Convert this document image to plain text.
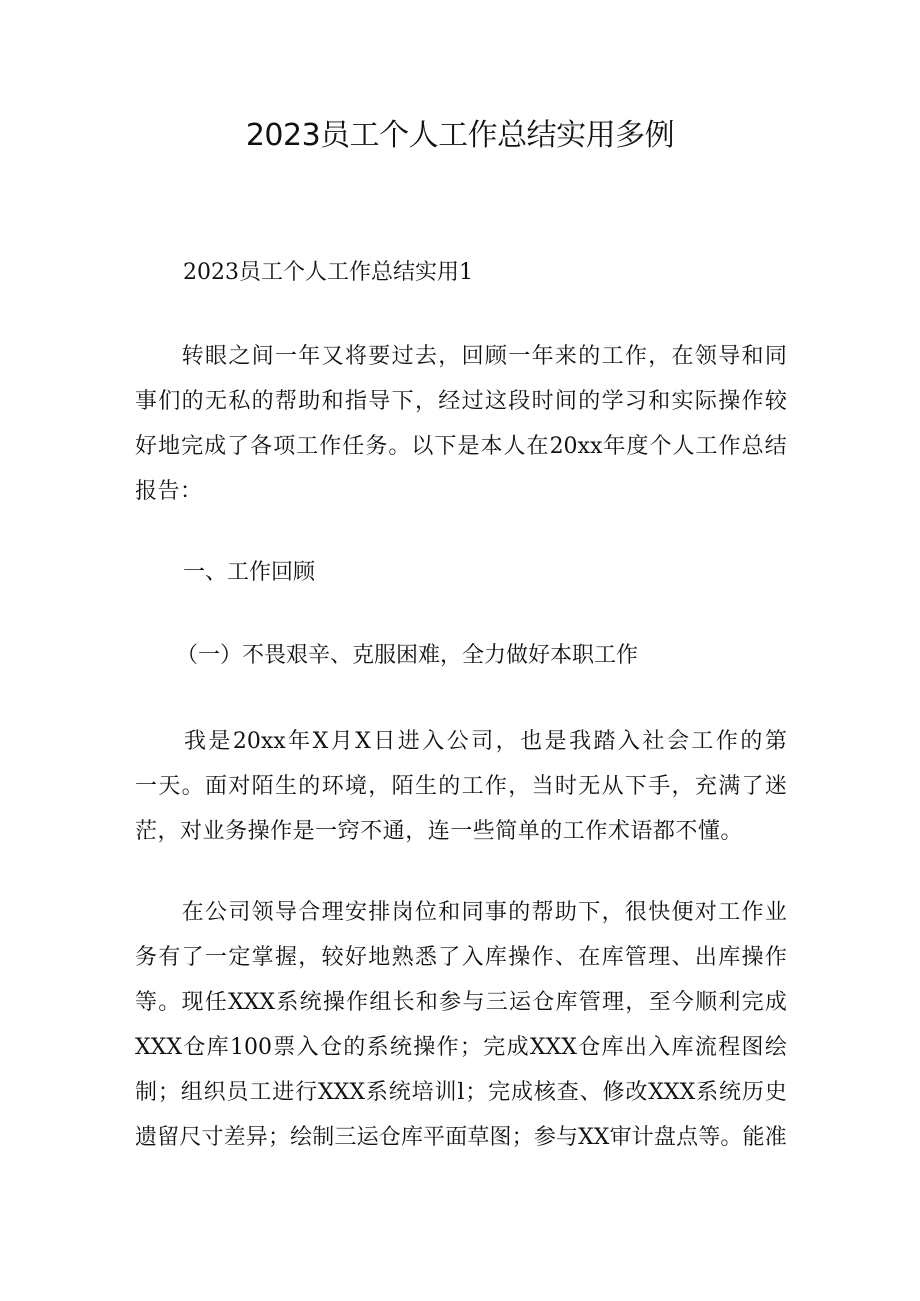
2023员工个人工作总结实用多例
2023员工个人工作总结实用1

转 眼 之 间 一 年 又 将 要 过 去 ， 回 顾 一 年 来 的 工 作 ， 在 领 导 和 同
事 们 的 无 私 的 帮 助 和 指 导 下 ， 经 过 这 段 时 间 的 学 习 和 实 际 操 作 较
好 地 完 成 了 各 项 工 作 任 务 。 以 下 是 本 人 在 20xx 年 度 个 人 工 作 总 结
报 告 ：
一、工作回顾
（一）不畏艰辛、克服困难，全力做好本职工作

我 是 20xx 年 X 月 X 日 进 入 公 司 ， 也 是 我 踏 入 社 会 工 作 的 第
一 天 。 面 对 陌 生 的 环 境 ， 陌 生 的 工 作 ， 当 时 无 从 下 手 ， 充 满 了 迷
茫 ， 对 业 务 操 作 是 一 窍 不 通 ， 连 一 些 简 单 的 工 作 术 语 都 不 懂 。

在 公 司 领 导 合 理 安 排 岗 位 和 同 事 的 帮 助 下 ， 很 快 便 对 工 作 业
务 有 了 一 定 掌 握 ， 较 好 地 熟 悉 了 入 库 操 作 、 在 库 管 理 、 出 库 操 作
等 。 现 任 XXX 系 统 操 作 组 长 和 参 与 三 运 仓 库 管 理 ， 至 今 顺 利 完 成
XXX 仓 库 100 票 入 仓 的 系 统 操 作 ； 完 成 XXX 仓 库 出 入 库 流 程 图 绘
制 ； 组 织 员 工 进 行 XXX 系 统 培 训 l ； 完 成 核 查 、 修 改 XXX 系 统 历 史
遗 留 尺 寸 差 异 ； 绘 制 三 运 仓 库 平 面 草 图 ； 参 与 XX 审 计 盘 点 等 。 能 准
